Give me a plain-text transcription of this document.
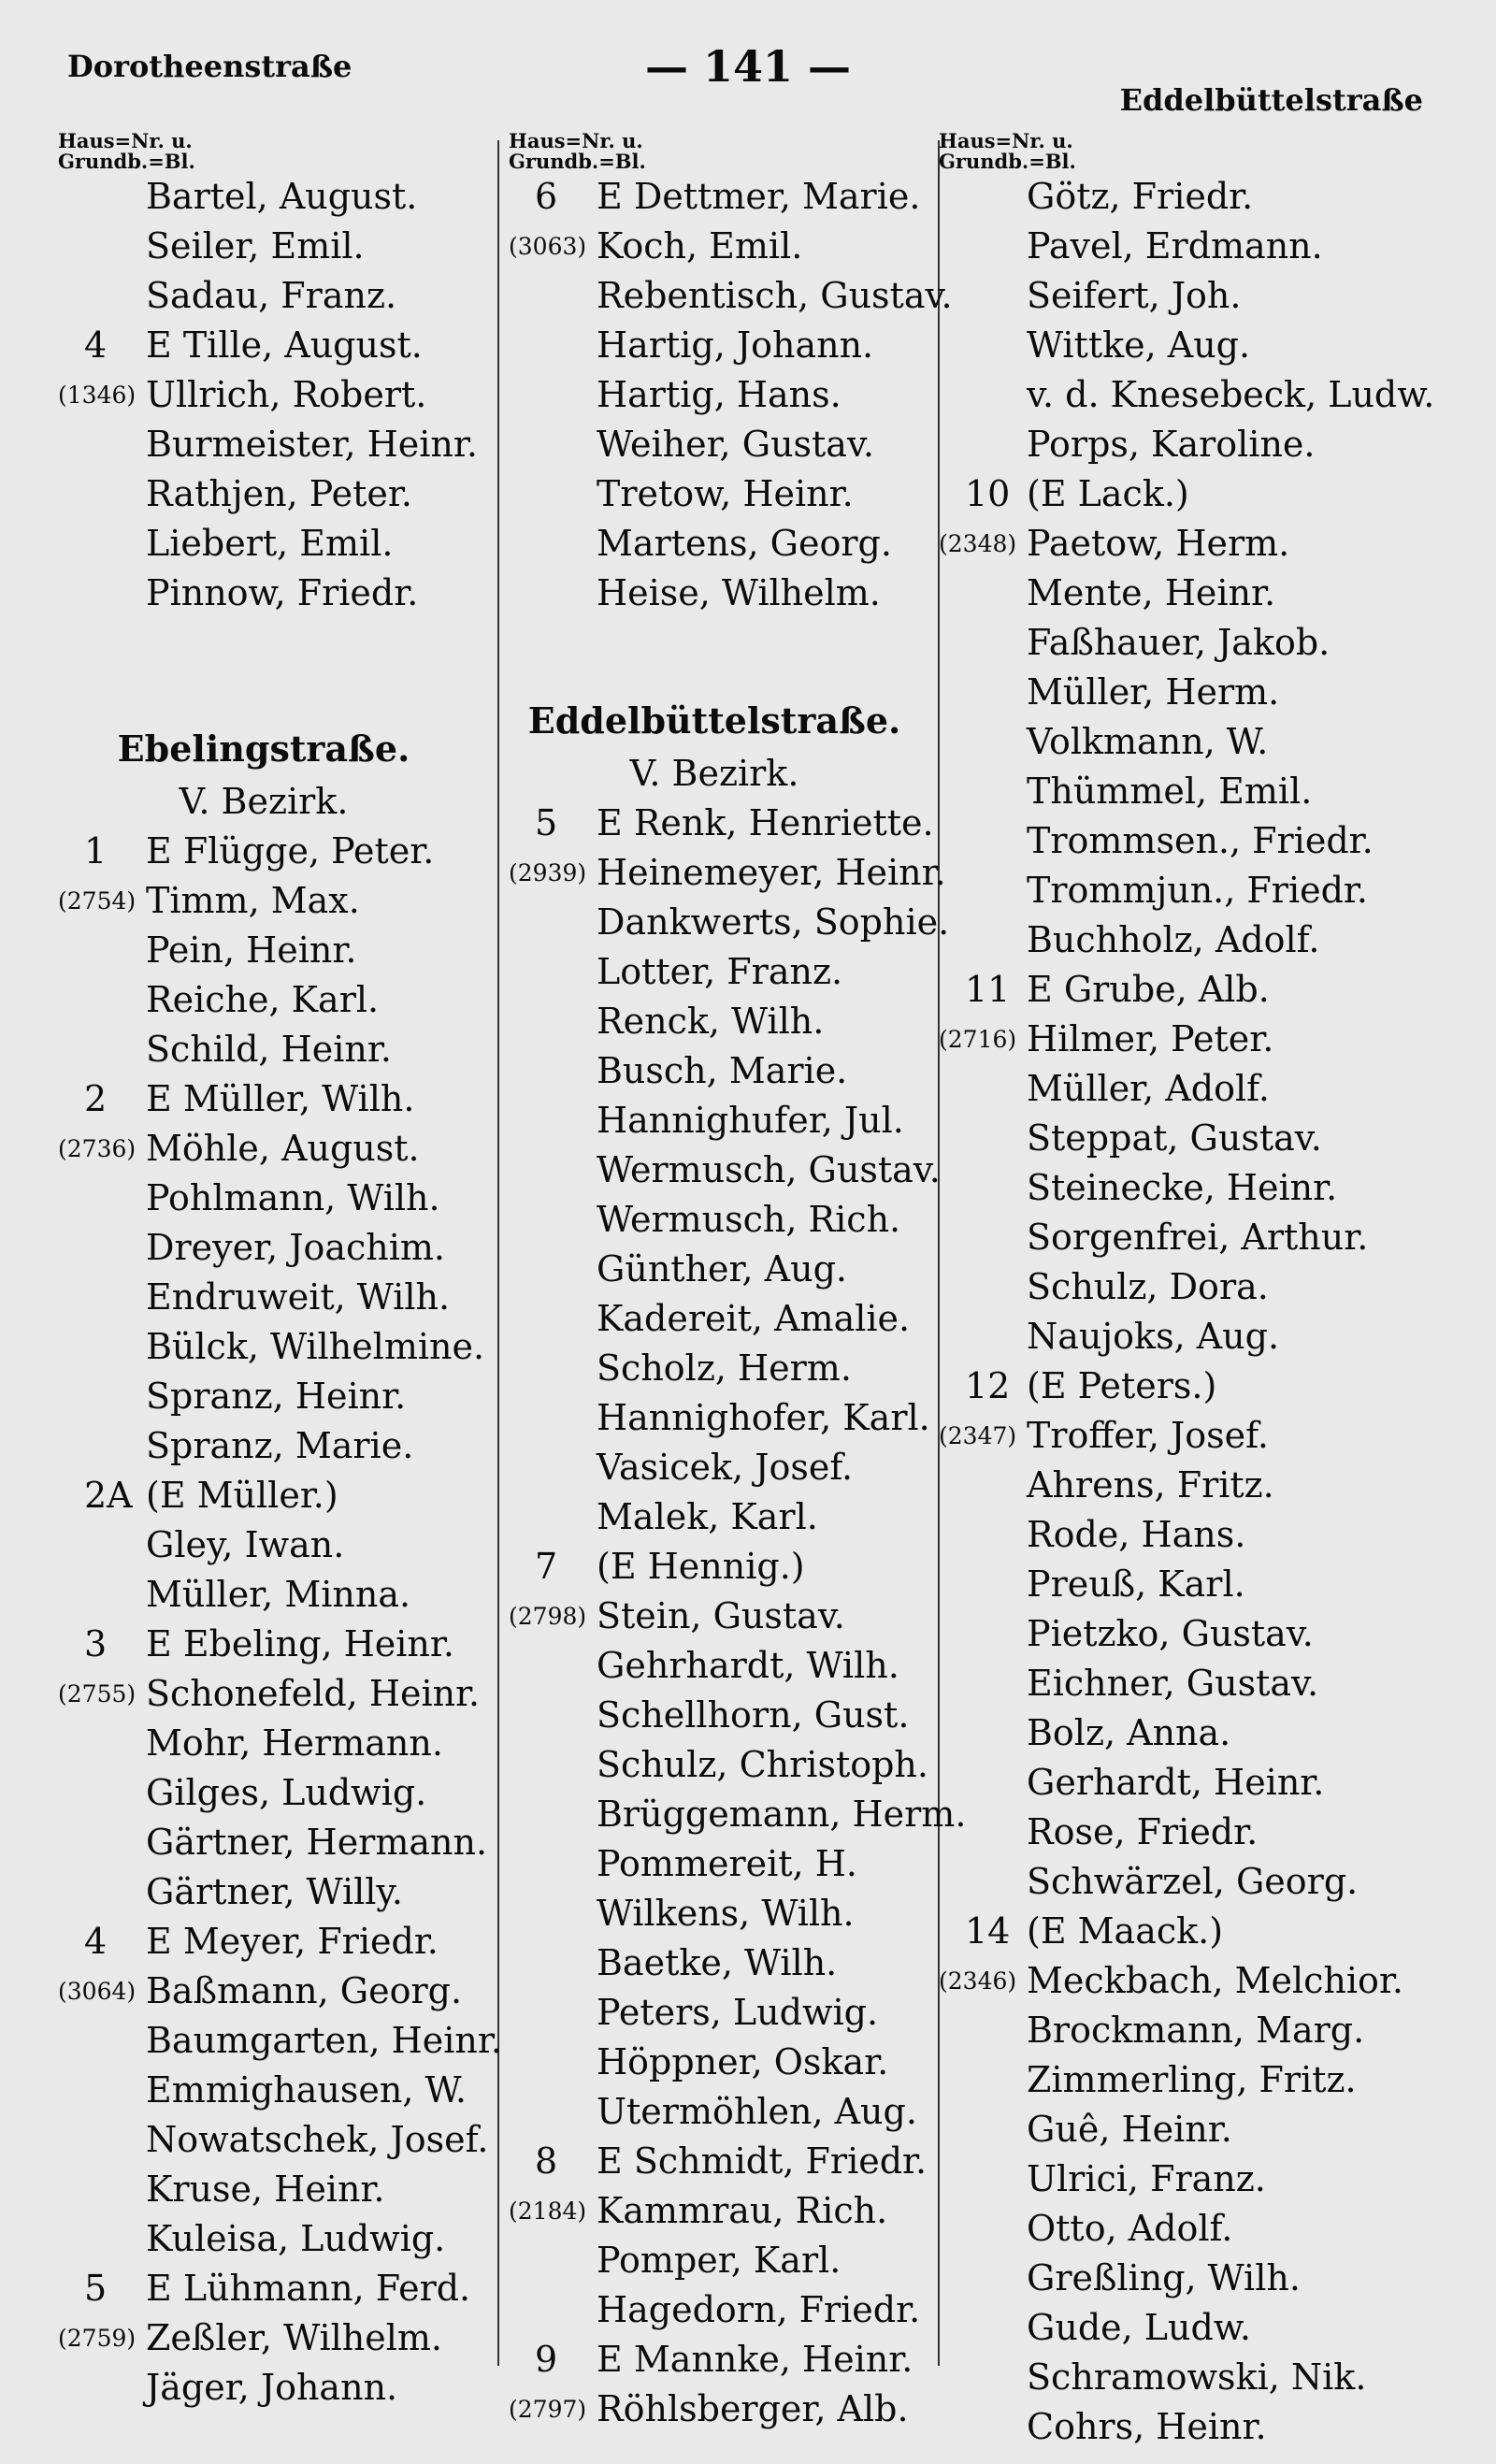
Dorotheenstraße	— 141 —
Eddelbüttelstraße
Haus=Nr. u.
Grundb.=Bl.
Bartel, August.
Seiler, Emil.
Sadau, Franz.
4 E Tille, August.
(1346) Ullrich, Robert.
Burmeister, Heinr.
Rathjen, Peter.
Liebert, Emil.
Pinnow, Friedr.
Ebelingstraße.
V. Bezirk.
1 E Flügge, Peter.
(2754) Timm, Max.
Pein, Heinr.
Reiche, Karl.
Schild, Heinr.
2 E Müller, Wilh.
(2736) Möhle, August.
Pohlmann, Wilh.
Dreyer, Joachim.
Endruweit, Wilh.
Bülck, Wilhelmine.
Spranz, Heinr.
Spranz, Marie.
2A (E Müller.)
Gley, Iwan.
Müller, Minna.
3 E Ebeling, Heinr.
(2755) Schonefeld, Heinr.
Mohr, Hermann.
Gilges, Ludwig.
Gärtner, Hermann.
Gärtner, Willy.
4 E Meyer, Friedr.
(3064) Baßmann, Georg.
Baumgarten, Heinr.
Emmighausen, W.
Nowatschek, Josef.
Kruse, Heinr.
Kuleisa, Ludwig.
5 E Lühmann, Ferd.
(2759) Zeßler, Wilhelm.
Jäger, Johann.
Haus=Nr. u.
Grundb.=Bl.
6 E Dettmer, Marie.
(3063) Koch, Emil.
Rebentisch, Gustav.
Hartig, Johann.
Hartig, Hans.
Weiher, Gustav.
Tretow, Heinr.
Martens, Georg.
Heise, Wilhelm.
Eddelbüttelstraße.
V. Bezirk.
5 E Renk, Henriette.
(2939) Heinemeyer, Heinr.
Dankwerts, Sophie.
Lotter, Franz.
Renck, Wilh.
Busch, Marie.
Hannighufer, Jul.
Wermusch, Gustav.
Wermusch, Rich.
Günther, Aug.
Kadereit, Amalie.
Scholz, Herm.
Hannighofer, Karl.
Vasicek, Josef.
Malek, Karl.
7 (E Hennig.)
(2798) Stein, Gustav.
Gehrhardt, Wilh.
Schellhorn, Gust.
Schulz, Christoph.
Brüggemann, Herm.
Pommereit, H.
Wilkens, Wilh.
Baetke, Wilh.
Peters, Ludwig.
Höppner, Oskar.
Utermöhlen, Aug.
8 E Schmidt, Friedr.
(2184) Kammrau, Rich.
Pomper, Karl.
Hagedorn, Friedr.
9 E Mannke, Heinr.
(2797) Röhlsberger, Alb.
Haus=Nr. u.
Grundb.=Bl.
Götz, Friedr.
Pavel, Erdmann.
Seifert, Joh.
Wittke, Aug.
v. d. Knesebeck, Ludw.
Porps, Karoline.
10 (E Lack.)
(2348) Paetow, Herm.
Mente, Heinr.
Faßhauer, Jakob.
Müller, Herm.
Volkmann, W.
Thümmel, Emil.
Trommsen., Friedr.
Trommjun., Friedr.
Buchholz, Adolf.
11 E Grube, Alb.
(2716) Hilmer, Peter.
Müller, Adolf.
Steppat, Gustav.
Steinecke, Heinr.
Sorgenfrei, Arthur.
Schulz, Dora.
Naujoks, Aug.
12 (E Peters.)
(2347) Troffer, Josef.
Ahrens, Fritz.
Rode, Hans.
Preuß, Karl.
Pietzko, Gustav.
Eichner, Gustav.
Bolz, Anna.
Gerhardt, Heinr.
Rose, Friedr.
Schwärzel, Georg.
14 (E Maack.)
(2346) Meckbach, Melchior.
Brockmann, Marg.
Zimmerling, Fritz.
Guê, Heinr.
Ulrici, Franz.
Otto, Adolf.
Greßling, Wilh.
Gude, Ludw.
Schramowski, Nik.
Cohrs, Heinr.
